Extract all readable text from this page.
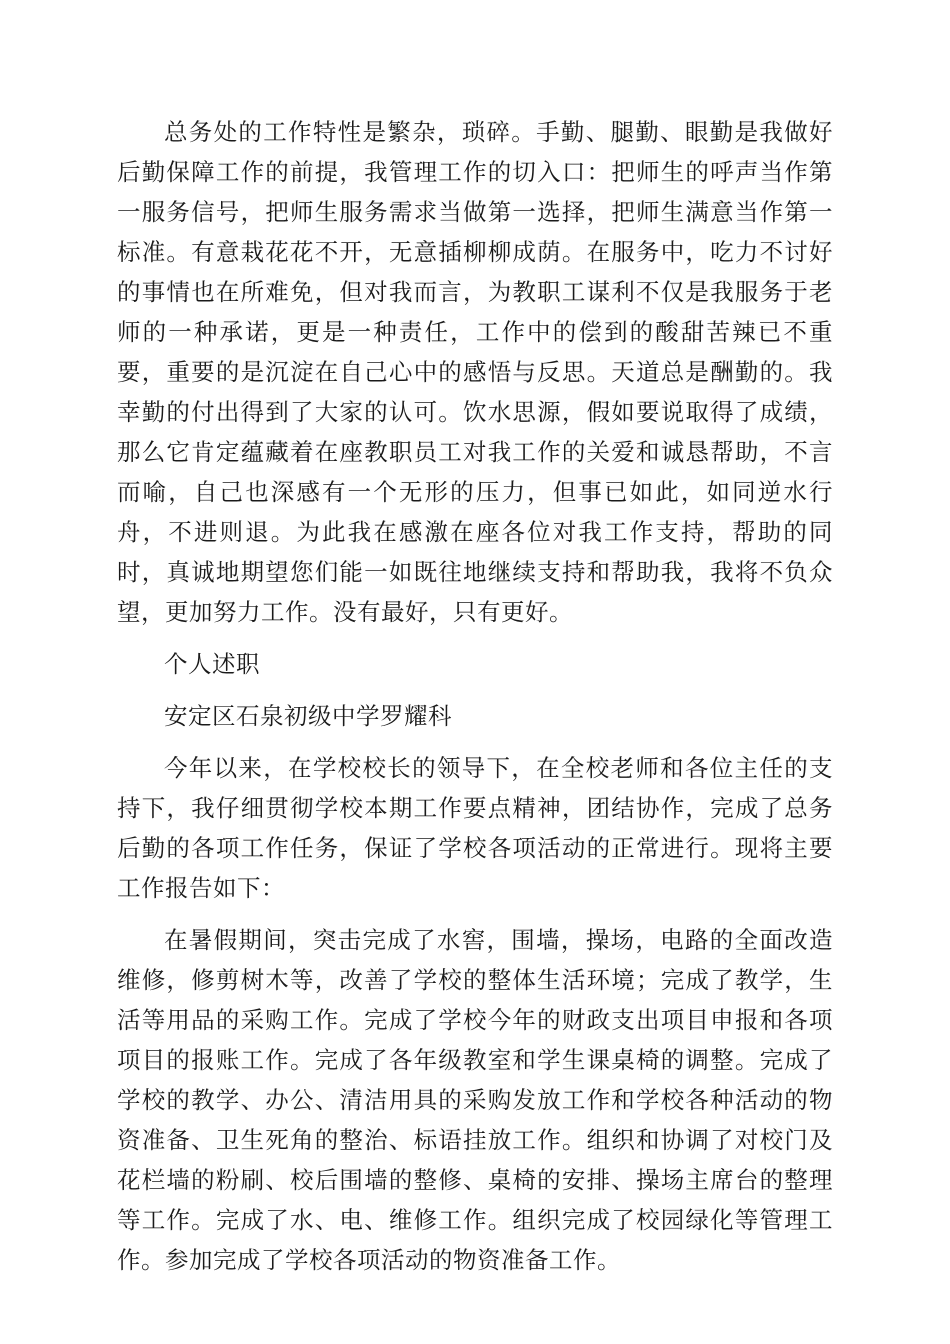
总务处的工作特性是繁杂，琐碎。手勤、腿勤、眼勤是我做好后勤保障工作的前提，我管理工作的切入口：把师生的呼声当作第一服务信号，把师生服务需求当做第一选择，把师生满意当作第一标准。有意栽花花不开，无意插柳柳成荫。在服务中，吃力不讨好的事情也在所难免，但对我而言，为教职工谋利不仅是我服务于老师的一种承诺，更是一种责任，工作中的偿到的酸甜苦辣已不重要，重要的是沉淀在自己心中的感悟与反思。天道总是酬勤的。我幸勤的付出得到了大家的认可。饮水思源，假如要说取得了成绩，那么它肯定蕴藏着在座教职员工对我工作的关爱和诚恳帮助，不言而喻，自己也深感有一个无形的压力，但事已如此，如同逆水行舟，不进则退。为此我在感激在座各位对我工作支持，帮助的同时，真诚地期望您们能一如既往地继续支持和帮助我，我将不负众望，更加努力工作。没有最好，只有更好。

个人述职

安定区石泉初级中学罗耀科

今年以来，在学校校长的领导下，在全校老师和各位主任的支持下，我仔细贯彻学校本期工作要点精神，团结协作，完成了总务后勤的各项工作任务，保证了学校各项活动的正常进行。现将主要工作报告如下：

在暑假期间，突击完成了水窖，围墙，操场，电路的全面改造维修，修剪树木等，改善了学校的整体生活环境；完成了教学，生活等用品的采购工作。完成了学校今年的财政支出项目申报和各项项目的报账工作。完成了各年级教室和学生课桌椅的调整。完成了学校的教学、办公、清洁用具的采购发放工作和学校各种活动的物资准备、卫生死角的整治、标语挂放工作。组织和协调了对校门及花栏墙的粉刷、校后围墙的整修、桌椅的安排、操场主席台的整理等工作。完成了水、电、维修工作。组织完成了校园绿化等管理工作。参加完成了学校各项活动的物资准备工作。
